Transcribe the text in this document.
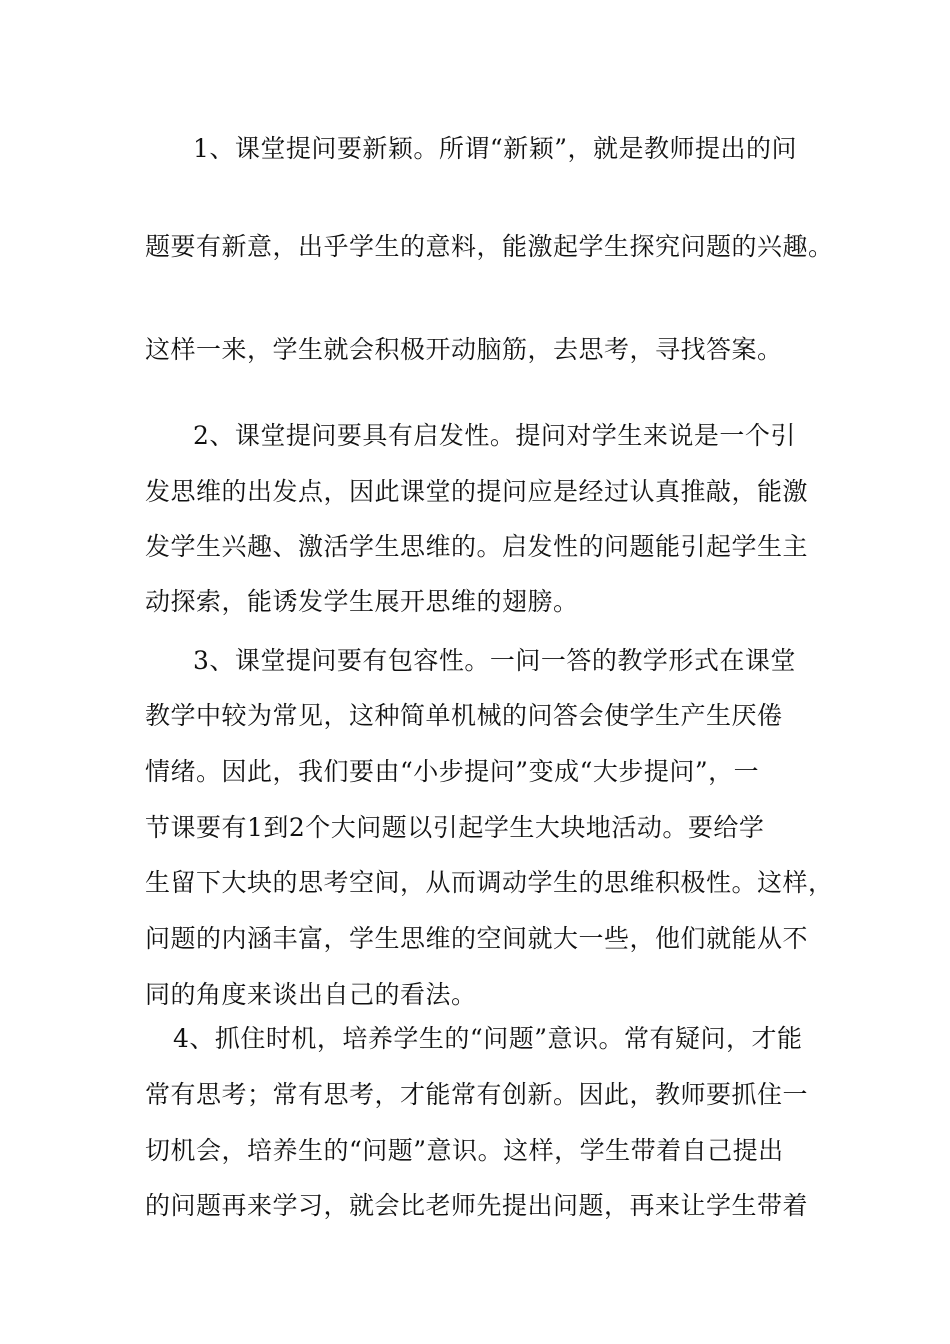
1、课堂提问要新颖。所谓“新颖”，就是教师提出的问
题要有新意，出乎学生的意料，能激起学生探究问题的兴趣。
这样一来，学生就会积极开动脑筋，去思考，寻找答案。
2、课堂提问要具有启发性。提问对学生来说是一个引
发思维的出发点，因此课堂的提问应是经过认真推敲，能激
发学生兴趣、激活学生思维的。启发性的问题能引起学生主
动探索，能诱发学生展开思维的翅膀。
3、课堂提问要有包容性。一问一答的教学形式在课堂
教学中较为常见，这种简单机械的问答会使学生产生厌倦
情绪。因此，我们要由“小步提问”变成“大步提问”，一
节课要有1到2个大问题以引起学生大块地活动。要给学
生留下大块的思考空间，从而调动学生的思维积极性。这样，
问题的内涵丰富，学生思维的空间就大一些，他们就能从不
同的角度来谈出自己的看法。
4、抓住时机，培养学生的“问题”意识。常有疑问，才能
常有思考；常有思考，才能常有创新。因此，教师要抓住一
切机会，培养生的“问题”意识。这样，学生带着自己提出
的问题再来学习，就会比老师先提出问题，再来让学生带着
